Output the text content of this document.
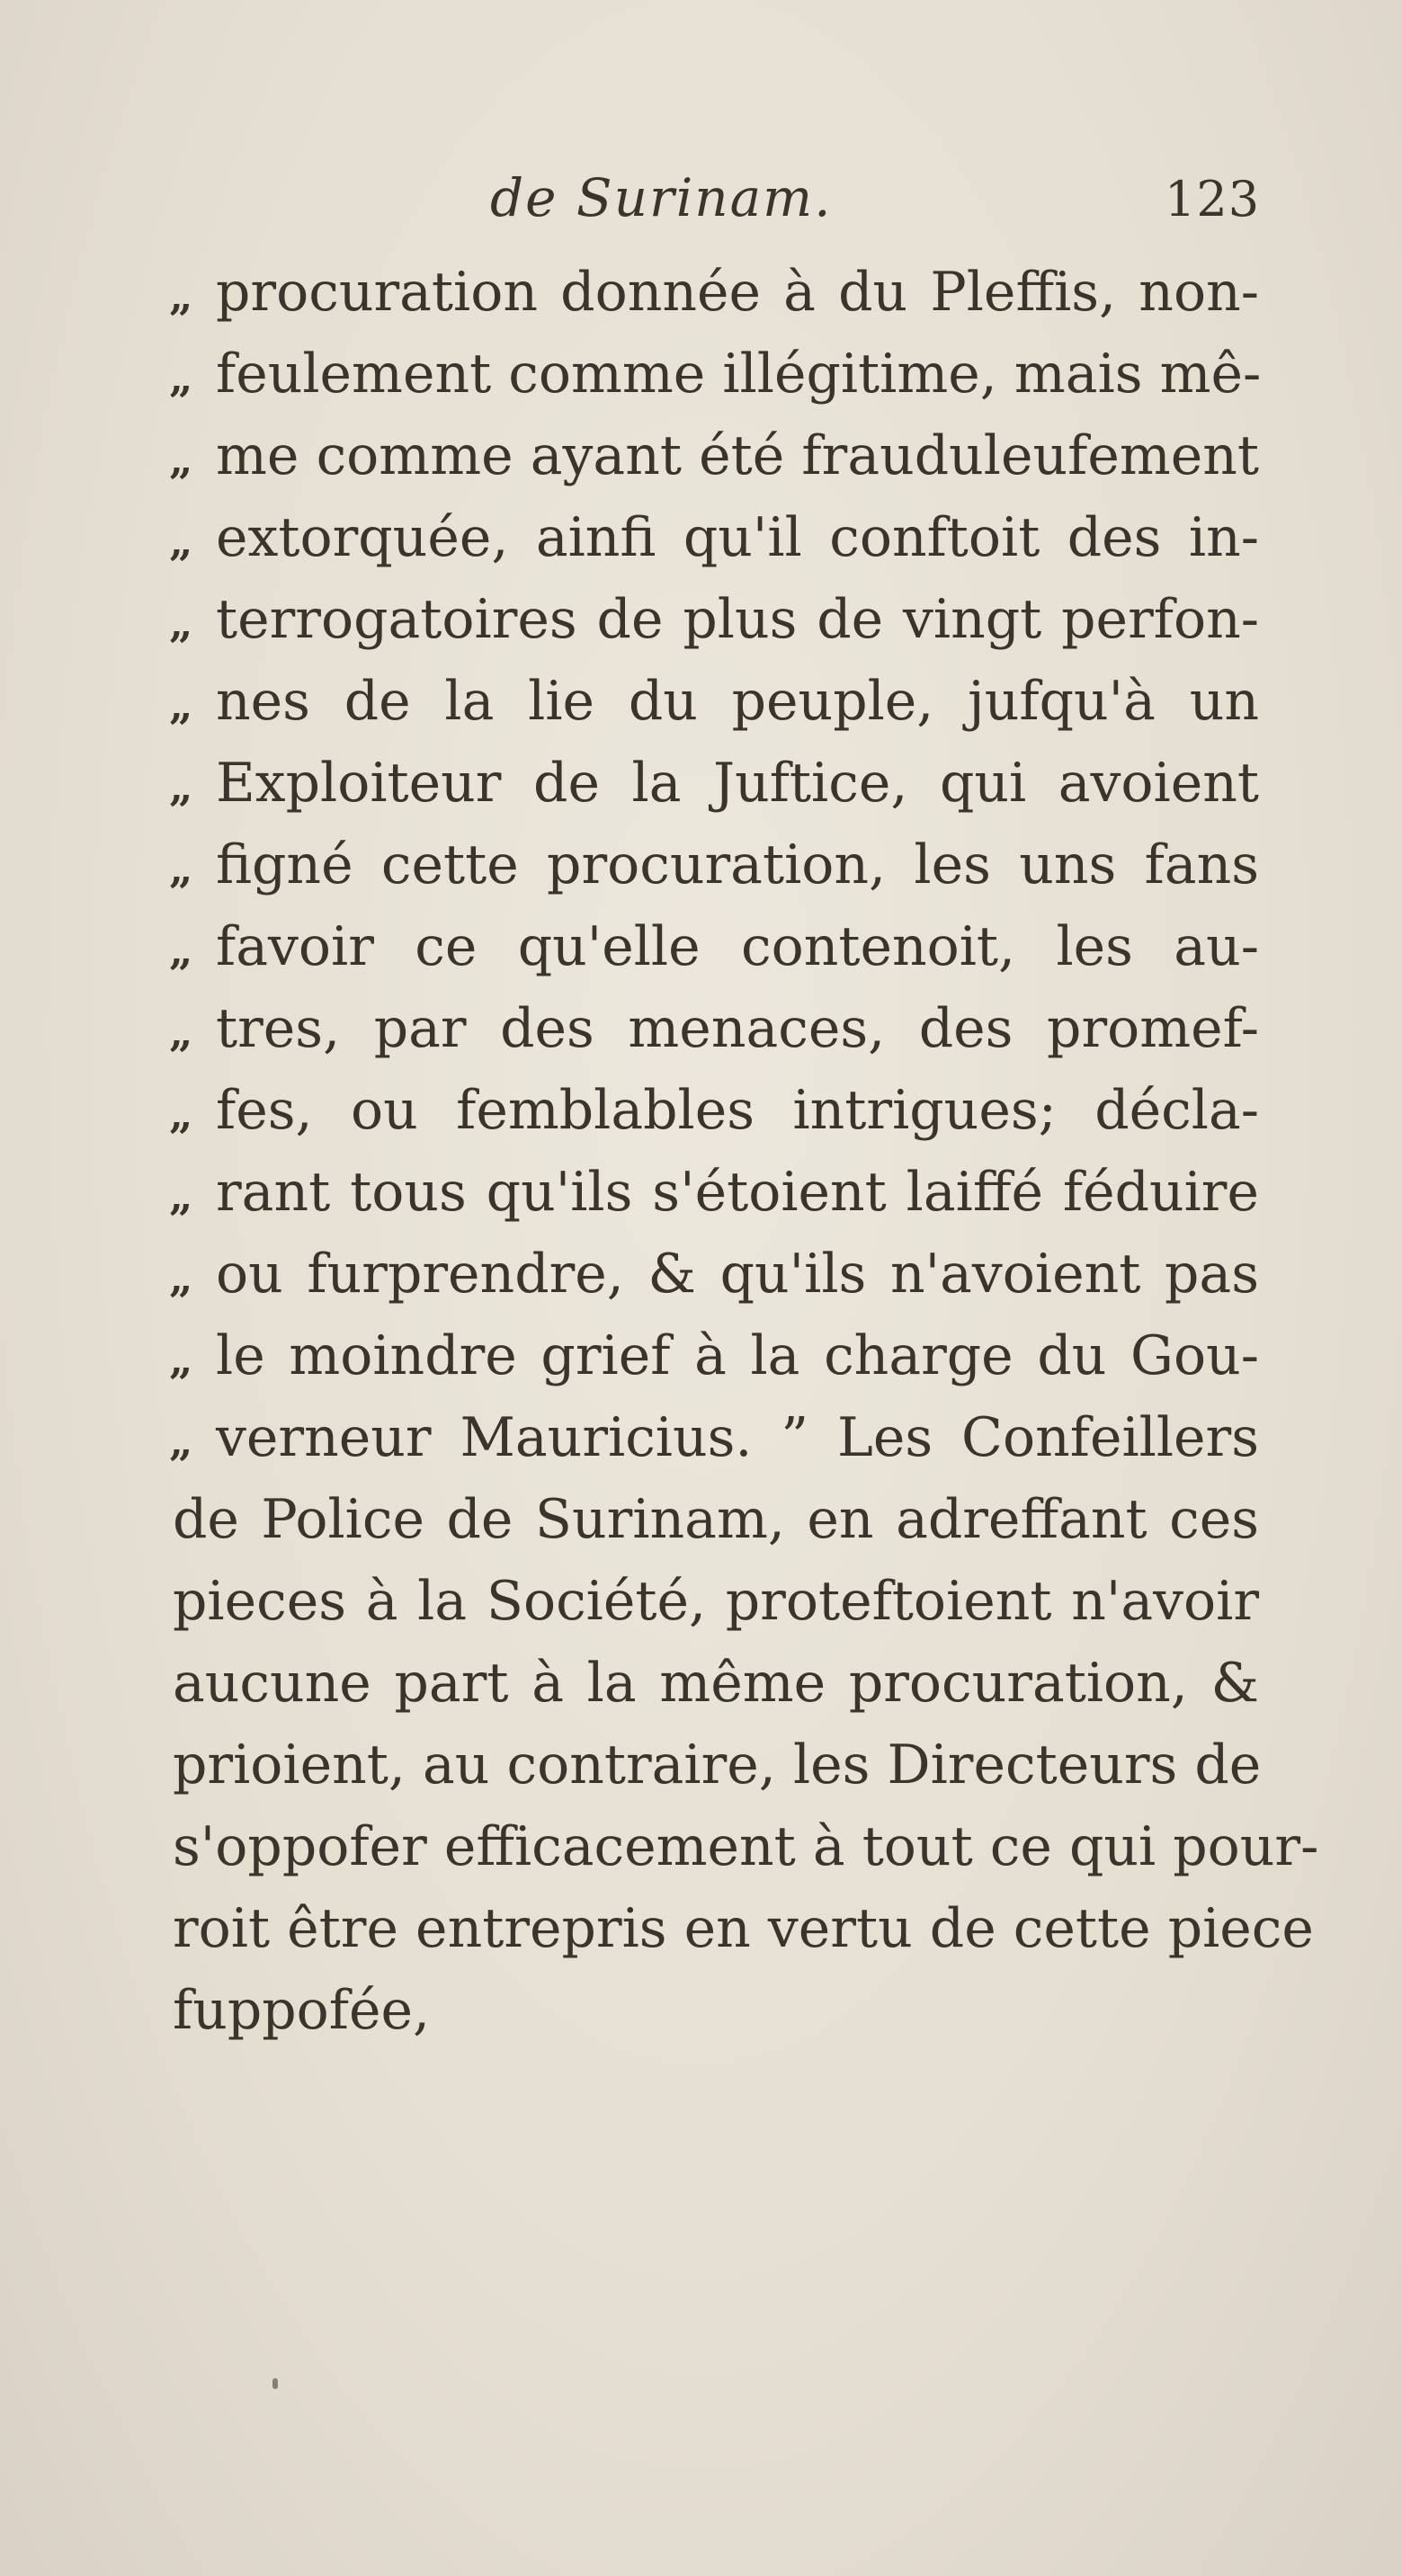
de Surinam.	123
„ procuration donnée à du Pleffis, non-
„ feulement comme illégitime, mais mê-
„ me comme ayant été frauduleufement
„ extorquée, ainfi qu'il conftoit des in-
„ terrogatoires de plus de vingt perfon-
„ nes de la lie du peuple, jufqu'à un
„ Exploiteur de la Juftice, qui avoient
„ figné cette procuration, les uns fans
„ favoir ce qu'elle contenoit, les au-
„ tres, par des menaces, des promef-
„ fes, ou femblables intrigues; décla-
„ rant tous qu'ils s'étoient laiffé féduire
„ ou furprendre, & qu'ils n'avoient pas
„ le moindre grief à la charge du Gou-
„ verneur Mauricius. ” Les Confeillers
de Police de Surinam, en adreffant ces
pieces à la Société, proteftoient n'avoir
aucune part à la même procuration, &
prioient, au contraire, les Directeurs de
s'oppofer efficacement à tout ce qui pour-
roit être entrepris en vertu de cette piece
fuppofée,
